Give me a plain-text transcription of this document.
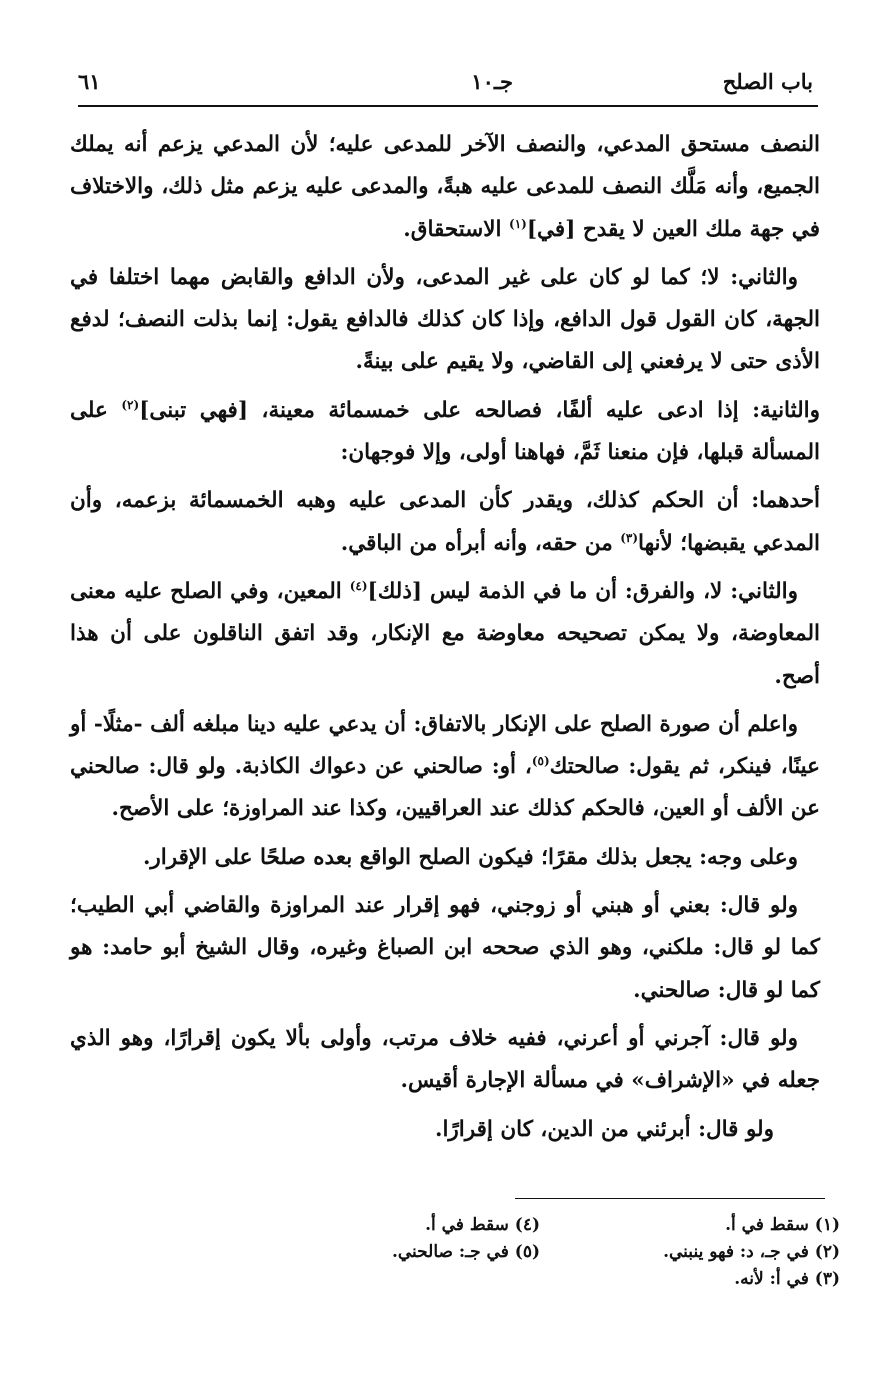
باب الصلح
جـ١٠
٦١

النصف مستحق المدعي، والنصف الآخر للمدعى عليه؛ لأن المدعي يزعم أنه يملك الجميع، وأنه مَلَّك النصف للمدعى عليه هبةً، والمدعى عليه يزعم مثل ذلك، والاختلاف في جهة ملك العين لا يقدح [في]$^{(١)}$ الاستحقاق.

والثاني: لا؛ كما لو كان على غير المدعى، ولأن الدافع والقابض مهما اختلفا في الجهة، كان القول قول الدافع، وإذا كان كذلك فالدافع يقول: إنما بذلت النصف؛ لدفع الأذى حتى لا يرفعني إلى القاضي، ولا يقيم على بينةً.

والثانية: إذا ادعى عليه ألفًا، فصالحه على خمسمائة معينة، [فهي تبنى]$^{(٢)}$ على المسألة قبلها، فإن منعنا ثَمَّ، فهاهنا أولى، وإلا فوجهان:

أحدهما: أن الحكم كذلك، ويقدر كأن المدعى عليه وهبه الخمسمائة بزعمه، وأن المدعي يقبضها؛ لأنها$^{(٣)}$ من حقه، وأنه أبرأه من الباقي.

والثاني: لا، والفرق: أن ما في الذمة ليس [ذلك]$^{(٤)}$ المعين، وفي الصلح عليه معنى المعاوضة، ولا يمكن تصحيحه معاوضة مع الإنكار، وقد اتفق الناقلون على أن هذا أصح.

واعلم أن صورة الصلح على الإنكار بالاتفاق: أن يدعي عليه دينا مبلغه ألف -مثلًا- أو عينًا، فينكر، ثم يقول: صالحتك$^{(٥)}$، أو: صالحني عن دعواك الكاذبة. ولو قال: صالحني عن الألف أو العين، فالحكم كذلك عند العراقيين، وكذا عند المراوزة؛ على الأصح.

وعلى وجه: يجعل بذلك مقرًا؛ فيكون الصلح الواقع بعده صلحًا على الإقرار.

ولو قال: بعني أو هبني أو زوجني، فهو إقرار عند المراوزة والقاضي أبي الطيب؛ كما لو قال: ملكني، وهو الذي صححه ابن الصباغ وغيره، وقال الشيخ أبو حامد: هو كما لو قال: صالحني.

ولو قال: آجرني أو أعرني، ففيه خلاف مرتب، وأولى بألا يكون إقرارًا، وهو الذي جعله في «الإشراف» في مسألة الإجارة أقيس.

ولو قال: أبرئني من الدين، كان إقرارًا.

(١) سقط في أ.
(٢) في جـ، د: فهو ينبني.
(٣) في أ: لأنه.
(٤) سقط في أ.
(٥) في جـ: صالحني.
